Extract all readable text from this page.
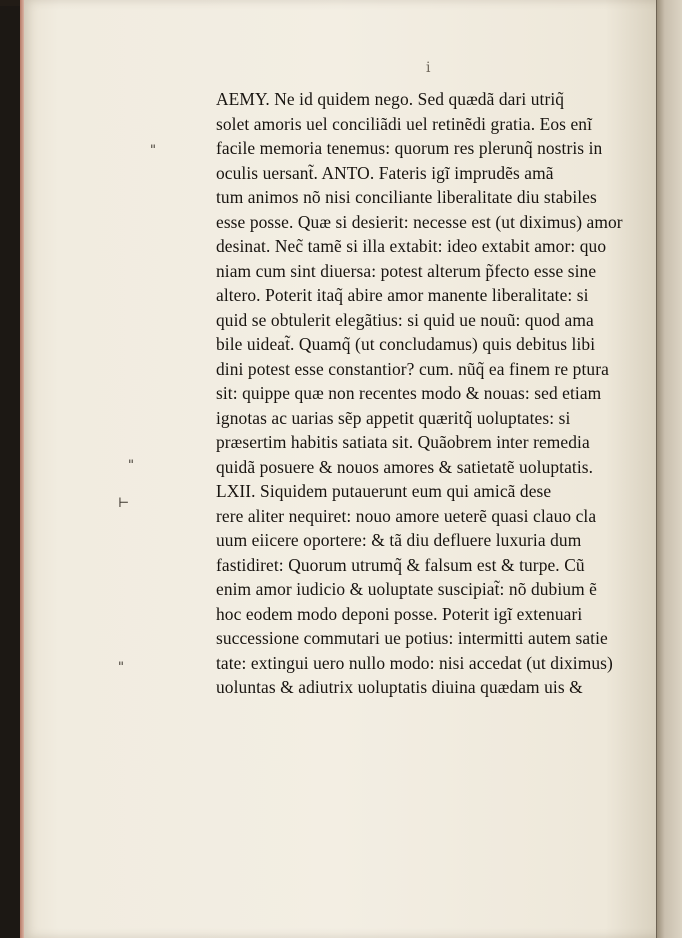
i
"
"
⊢
"
AEMY. Ne id quidem nego. Sed quædã dari utriq̃
solet amoris uel conciliãdi uel retinẽdi gratia. Eos enĩ
facile memoria tenemus: quorum res plerunq̃ nostris in
oculis uersant̃. ANTO. Fateris igĩ imprudẽs amã
tum animos nõ nisi conciliante liberalitate diu stabiles
esse posse. Quæ si desierit: necesse est (ut diximus) amor
desinat. Nec̃ tamẽ si illa extabit: ideo extabit amor: quo
niam cum sint diuersa: potest alterum p̃fecto esse sine
altero. Poterit itaq̃ abire amor manente liberalitate: si
quid se obtulerit elegãtius: si quid ue nouũ: quod ama
bile uideat̃. Quamq̃ (ut concludamus) quis debitus libi
dini potest esse constantior? cum. nũq̃ ea finem re ptura
sit: quippe quæ non recentes modo & nouas: sed etiam
ignotas ac uarias sẽp appetit quæritq̃ uoluptates: si
præsertim habitis satiata sit. Quãobrem inter remedia
quidã posuere & nouos amores & satietatẽ uoluptatis.
LXII. Siquidem putauerunt eum qui amicã dese
rere aliter nequiret: nouo amore ueterẽ quasi clauo cla
uum eiicere oportere: & tã diu defluere luxuria dum
fastidiret: Quorum utrumq̃ & falsum est & turpe. Cũ
enim amor iudicio & uoluptate suscipiat̃: nõ dubium ẽ
hoc eodem modo deponi posse. Poterit igĩ extenuari
successione commutari ue potius: intermitti autem satie
tate: extingui uero nullo modo: nisi accedat (ut diximus)
uoluntas & adiutrix uoluptatis diuina quædam uis &
